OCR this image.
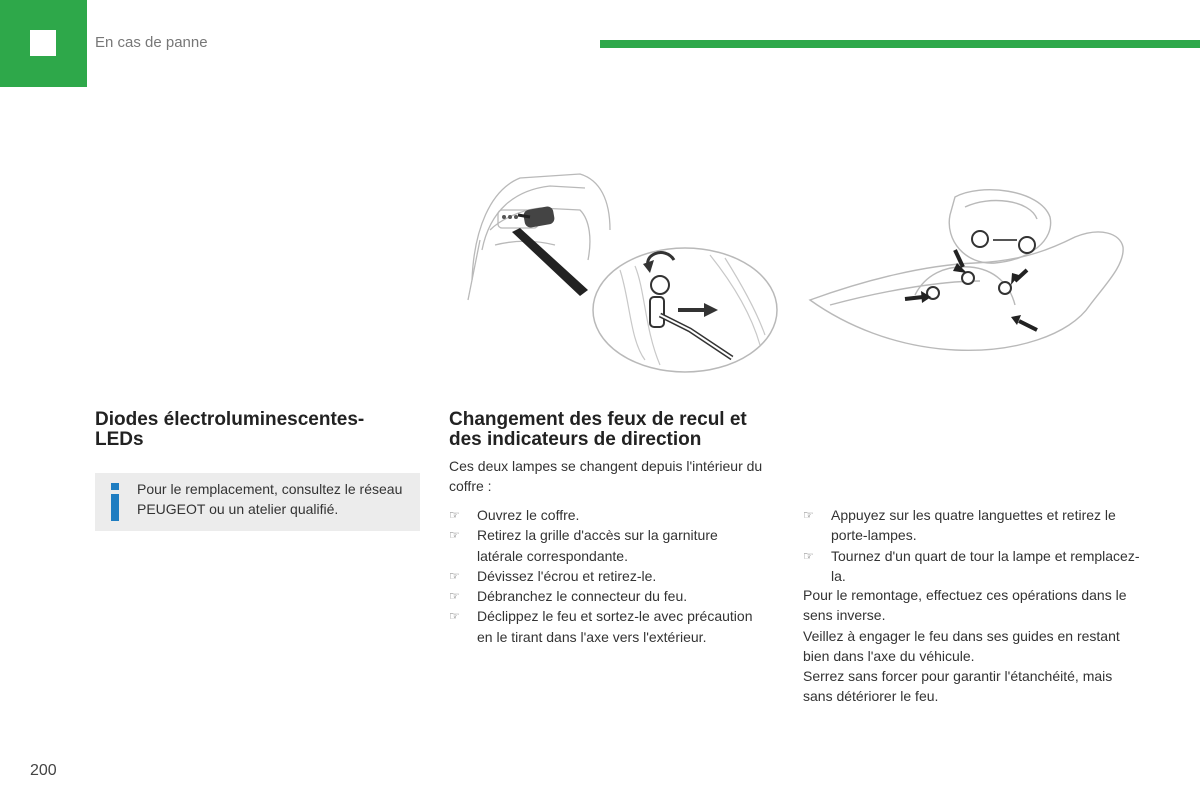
En cas de panne
Diodes électroluminescentes-LEDs
Pour le remplacement, consultez le réseau PEUGEOT ou un atelier qualifié.
Changement des feux de recul et des indicateurs de direction
Ces deux lampes se changent depuis l'intérieur du coffre :
☞ Ouvrez le coffre.
☞ Retirez la grille d'accès sur la garniture latérale correspondante.
☞ Dévissez l'écrou et retirez-le.
☞ Débranchez le connecteur du feu.
☞ Déclippez le feu et sortez-le avec précaution en le tirant dans l'axe vers l'extérieur.
☞ Appuyez sur les quatre languettes et retirez le porte-lampes.
☞ Tournez d'un quart de tour la lampe et remplacez-la.

Pour le remontage, effectuez ces opérations dans le sens inverse.

Veillez à engager le feu dans ses guides en restant bien dans l'axe du véhicule.

Serrez sans forcer pour garantir l'étanchéité, mais sans détériorer le feu.

200
